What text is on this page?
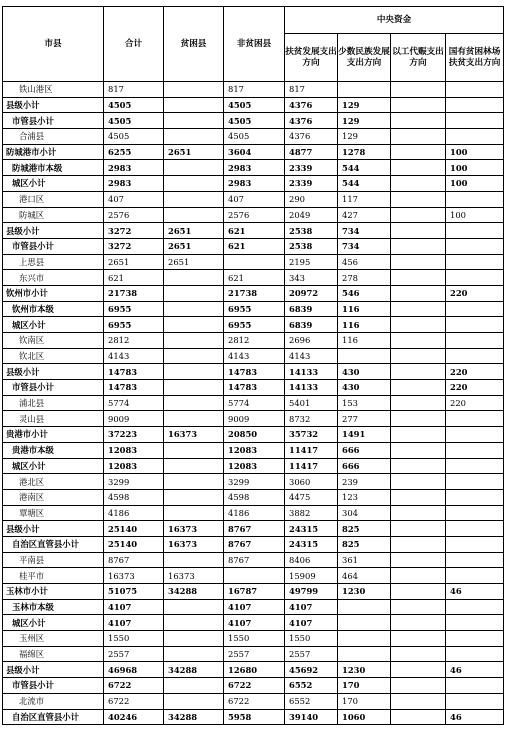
市县	合计	贫困县	非贫困县	中央资金			
				扶贫发展支出方向	少数民族发展支出方向	以工代赈支出方向	国有贫困林场扶贫支出方向
铁山港区	817		817	817			
县级小计	4505		4505	4376	129		
市管县小计	4505		4505	4376	129		
合浦县	4505		4505	4376	129		
防城港市小计	6255	2651	3604	4877	1278		100
防城港市本级	2983		2983	2339	544		100
城区小计	2983		2983	2339	544		100
港口区	407		407	290	117		
防城区	2576		2576	2049	427		100
县级小计	3272	2651	621	2538	734		
市管县小计	3272	2651	621	2538	734		
上思县	2651	2651		2195	456		
东兴市	621		621	343	278		
钦州市小计	21738		21738	20972	546		220
钦州市本级	6955		6955	6839	116		
城区小计	6955		6955	6839	116		
钦南区	2812		2812	2696	116		
钦北区	4143		4143	4143			
县级小计	14783		14783	14133	430		220
市管县小计	14783		14783	14133	430		220
浦北县	5774		5774	5401	153		220
灵山县	9009		9009	8732	277		
贵港市小计	37223	16373	20850	35732	1491		
贵港市本级	12083		12083	11417	666		
城区小计	12083		12083	11417	666		
港北区	3299		3299	3060	239		
港南区	4598		4598	4475	123		
覃塘区	4186		4186	3882	304		
县级小计	25140	16373	8767	24315	825		
自治区直管县小计	25140	16373	8767	24315	825		
平南县	8767		8767	8406	361		
桂平市	16373	16373		15909	464		
玉林市小计	51075	34288	16787	49799	1230		46
玉林市本级	4107		4107	4107			
城区小计	4107		4107	4107			
玉州区	1550		1550	1550			
福绵区	2557		2557	2557			
县级小计	46968	34288	12680	45692	1230		46
市管县小计	6722		6722	6552	170		
北流市	6722		6722	6552	170		
自治区直管县小计	40246	34288	5958	39140	1060		46
